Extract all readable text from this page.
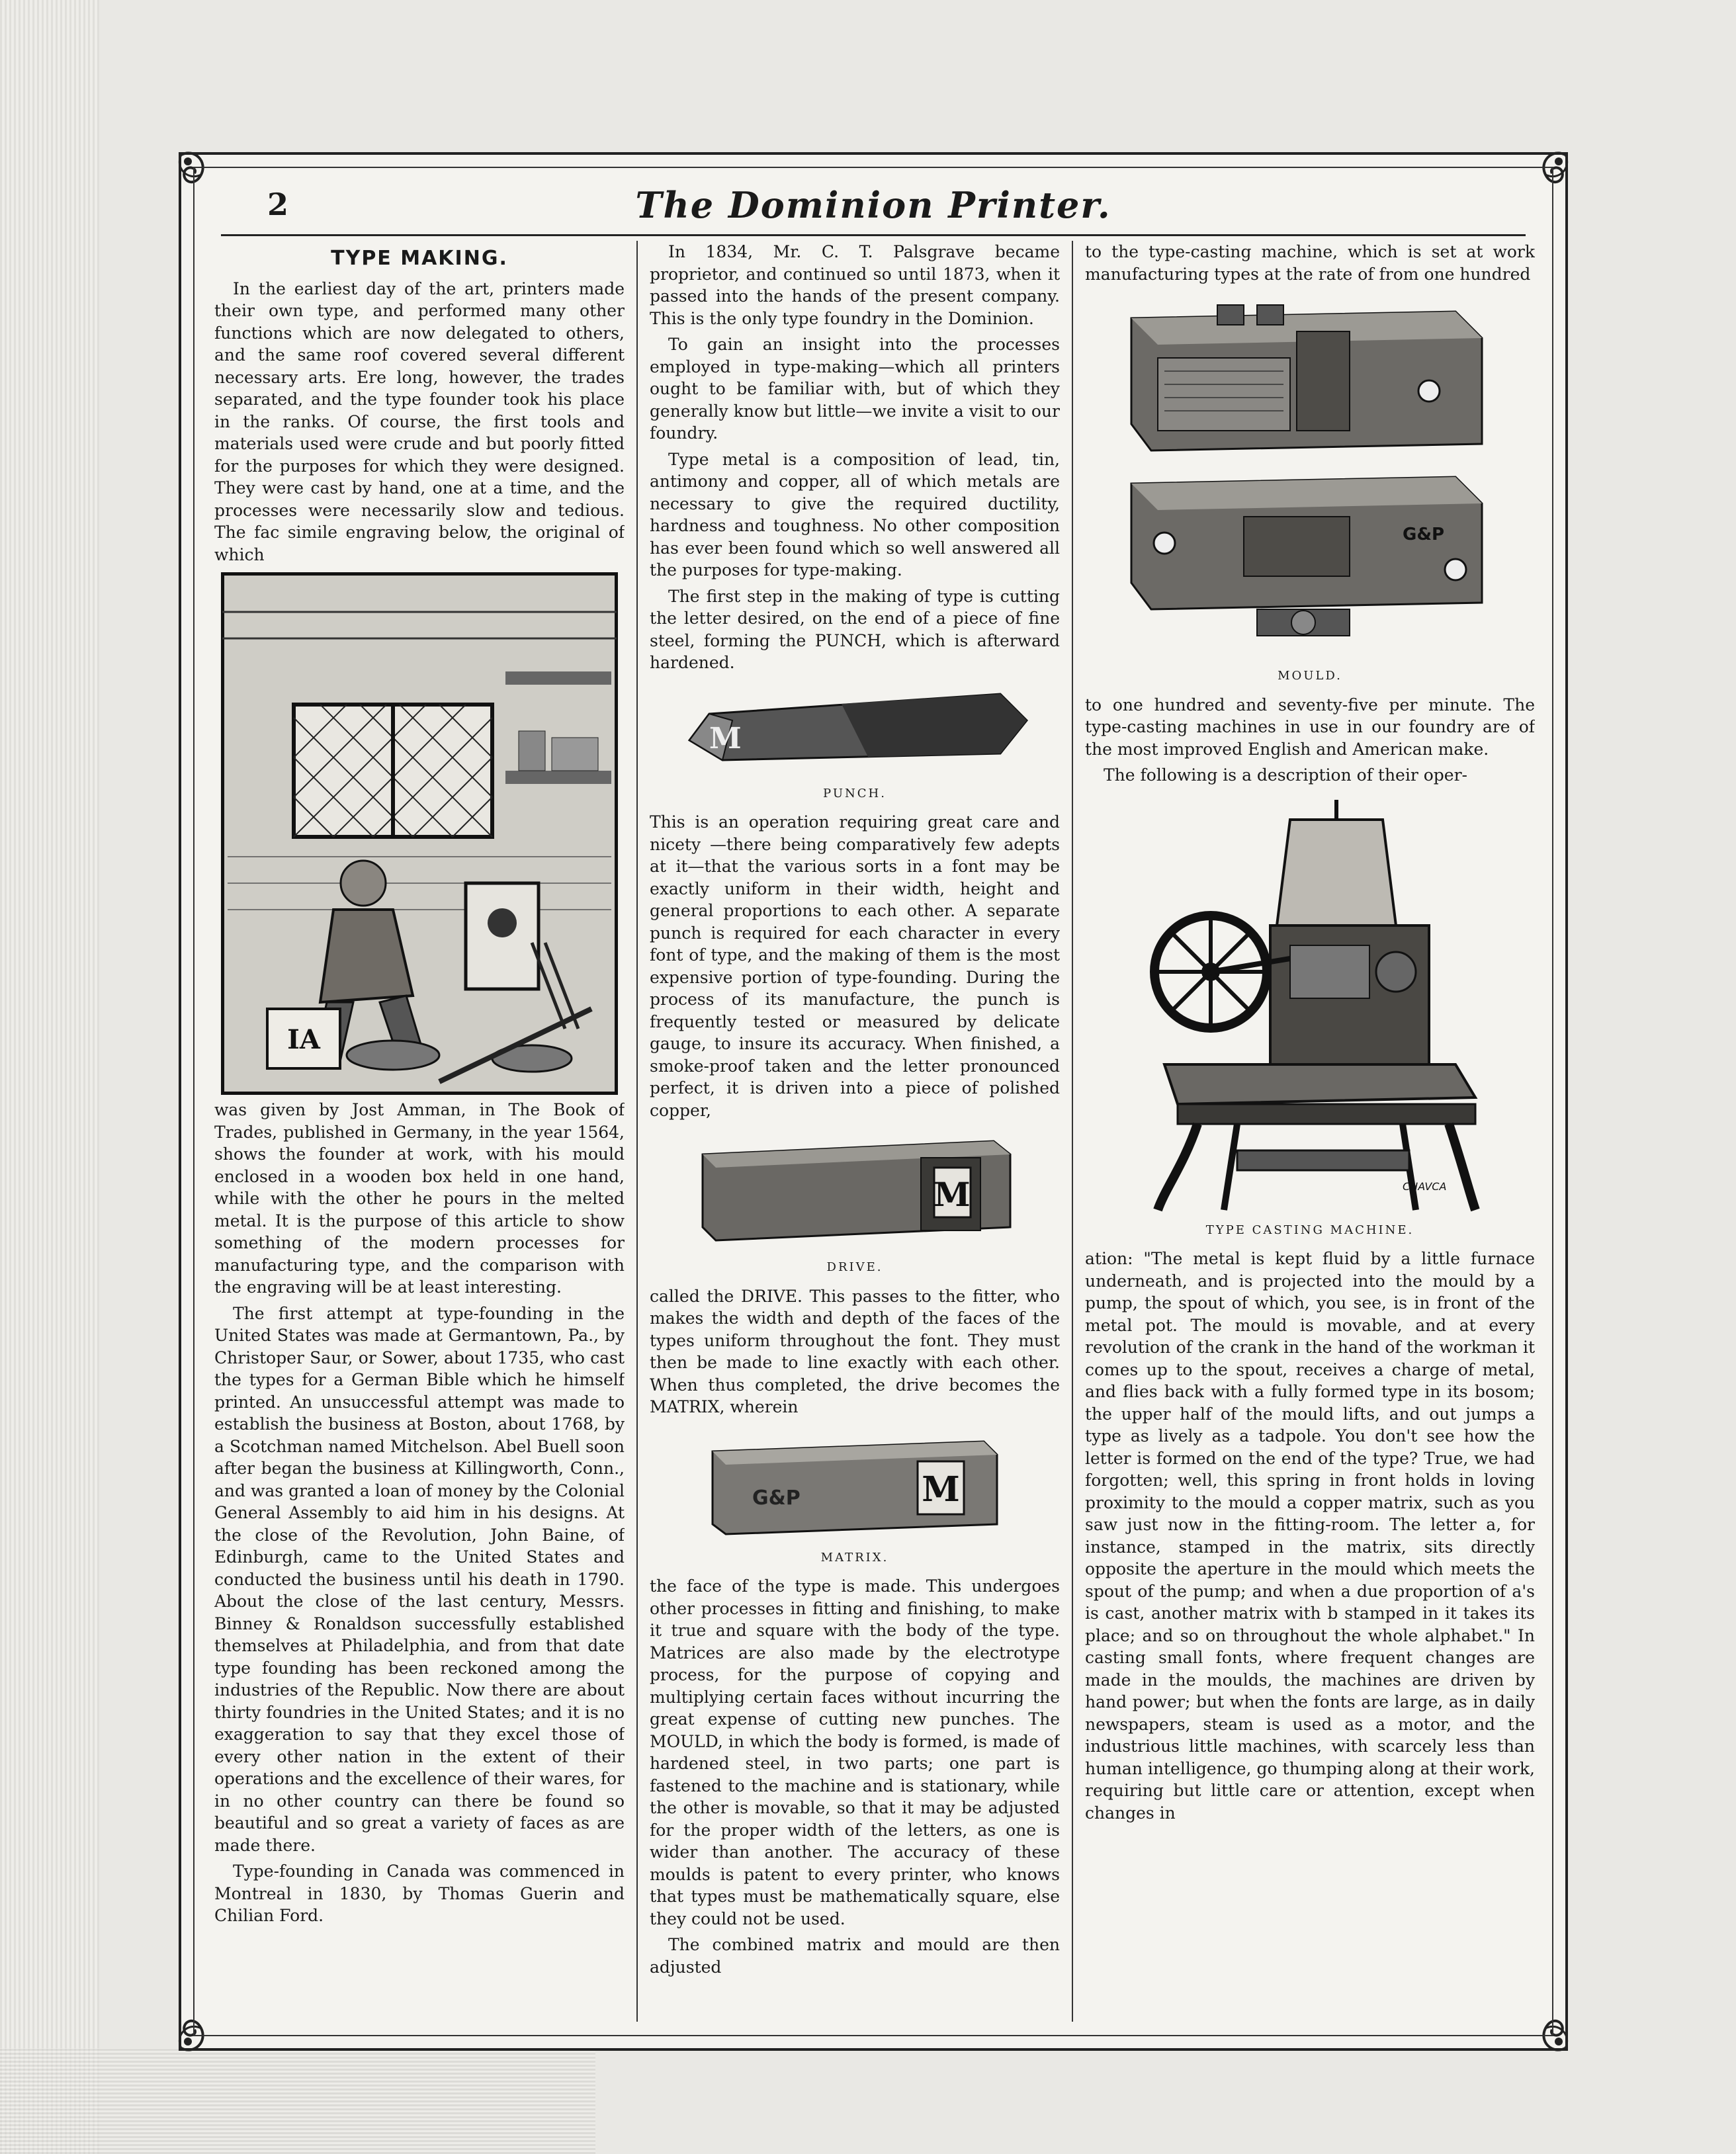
2	The Dominion Printer.
TYPE MAKING.

In the earliest day of the art, printers made their own type, and performed many other functions which are now delegated to others, and the same roof covered several different necessary arts. Ere long, however, the trades separated, and the type founder took his place in the ranks. Of course, the first tools and materials used were crude and but poorly fitted for the purposes for which they were designed. They were cast by hand, one at a time, and the processes were necessarily slow and tedious. The fac simile engraving below, the original of which

IA

was given by Jost Amman, in The Book of Trades, published in Germany, in the year 1564, shows the founder at work, with his mould enclosed in a wooden box held in one hand, while with the other he pours in the melted metal. It is the purpose of this article to show something of the modern processes for manufacturing type, and the comparison with the engraving will be at least interesting.

The first attempt at type-founding in the United States was made at Germantown, Pa., by Christoper Saur, or Sower, about 1735, who cast the types for a German Bible which he himself printed. An unsuccessful attempt was made to establish the business at Boston, about 1768, by a Scotchman named Mitchelson. Abel Buell soon after began the business at Killingworth, Conn., and was granted a loan of money by the Colonial General Assembly to aid him in his designs. At the close of the Revolution, John Baine, of Edinburgh, came to the United States and conducted the business until his death in 1790. About the close of the last century, Messrs. Binney & Ronaldson successfully established themselves at Philadelphia, and from that date type founding has been reckoned among the industries of the Republic. Now there are about thirty foundries in the United States; and it is no exaggeration to say that they excel those of every other nation in the extent of their operations and the excellence of their wares, for in no other country can there be found so beautiful and so great a variety of faces as are made there.

Type-founding in Canada was commenced in Montreal in 1830, by Thomas Guerin and Chilian Ford.

In 1834, Mr. C. T. Palsgrave became proprietor, and continued so until 1873, when it passed into the hands of the present company. This is the only type foundry in the Dominion.

To gain an insight into the processes employed in type-making—which all printers ought to be familiar with, but of which they generally know but little—we invite a visit to our foundry.

Type metal is a composition of lead, tin, antimony and copper, all of which metals are necessary to give the required ductility, hardness and toughness. No other composition has ever been found which so well answered all the purposes for type-making.

The first step in the making of type is cutting the letter desired, on the end of a piece of fine steel, forming the PUNCH, which is afterward hardened.

M
PUNCH.

This is an operation requiring great care and nicety —there being comparatively few adepts at it—that the various sorts in a font may be exactly uniform in their width, height and general proportions to each other. A separate punch is required for each character in every font of type, and the making of them is the most expensive portion of type-founding. During the process of its manufacture, the punch is frequently tested or measured by delicate gauge, to insure its accuracy. When finished, a smoke-proof taken and the letter pronounced perfect, it is driven into a piece of polished copper,

M
DRIVE.

called the DRIVE. This passes to the fitter, who makes the width and depth of the faces of the types uniform throughout the font. They must then be made to line exactly with each other. When thus completed, the drive becomes the MATRIX, wherein

G&P	M
MATRIX.

the face of the type is made. This undergoes other processes in fitting and finishing, to make it true and square with the body of the type. Matrices are also made by the electrotype process, for the purpose of copying and multiplying certain faces without incurring the great expense of cutting new punches. The MOULD, in which the body is formed, is made of hardened steel, in two parts; one part is fastened to the machine and is stationary, while the other is movable, so that it may be adjusted for the proper width of the letters, as one is wider than another. The accuracy of these moulds is patent to every printer, who knows that types must be mathematically square, else they could not be used.

The combined matrix and mould are then adjusted

to the type-casting machine, which is set at work manufacturing types at the rate of from one hundred

G&P
MOULD.

to one hundred and seventy-five per minute. The type-casting machines in use in our foundry are of the most improved English and American make.

The following is a description of their oper-

CHAVCA
TYPE CASTING MACHINE.

ation: "The metal is kept fluid by a little furnace underneath, and is projected into the mould by a pump, the spout of which, you see, is in front of the metal pot. The mould is movable, and at every revolution of the crank in the hand of the workman it comes up to the spout, receives a charge of metal, and flies back with a fully formed type in its bosom; the upper half of the mould lifts, and out jumps a type as lively as a tadpole. You don't see how the letter is formed on the end of the type? True, we had forgotten; well, this spring in front holds in loving proximity to the mould a copper matrix, such as you saw just now in the fitting-room. The letter a, for instance, stamped in the matrix, sits directly opposite the aperture in the mould which meets the spout of the pump; and when a due proportion of a's is cast, another matrix with b stamped in it takes its place; and so on throughout the whole alphabet." In casting small fonts, where frequent changes are made in the moulds, the machines are driven by hand power; but when the fonts are large, as in daily newspapers, steam is used as a motor, and the industrious little machines, with scarcely less than human intelligence, go thumping along at their work, requiring but little care or attention, except when changes in
